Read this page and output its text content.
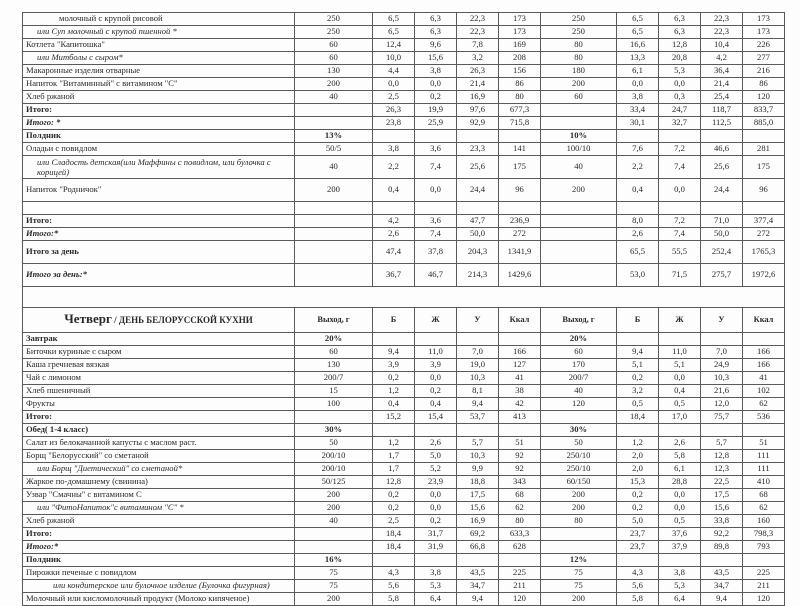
молочный с крупой рисовой	250	6,5	6,3	22,3	173	250	6,5	6,3	22,3	173
или Суп молочный с крупой пшенной *	250	6,5	6,3	22,3	173	250	6,5	6,3	22,3	173
Котлета "Капитошка"	60	12,4	9,6	7,8	169	80	16,6	12,8	10,4	226
или Митболы с сыром*	60	10,0	15,6	3,2	208	80	13,3	20,8	4,2	277
Макаронные изделия отварные	130	4,4	3,8	26,3	156	180	6,1	5,3	36,4	216
Напиток "Витаминный" с витамином "С"	200	0,0	0,0	21,4	86	200	0,0	0,0	21,4	86
Хлеб ржаной	40	2,5	0,2	16,9	80	60	3,8	0,3	25,4	120
Итого:		26,3	19,9	97,6	677,3		33,4	24,7	118,7	833,7
Итого: *		23,8	25,9	92,9	715,8		30,1	32,7	112,5	885,0
Полдник	13%					10%				
Оладьи с повидлом	50/5	3,8	3,6	23,3	141	100/10	7,6	7,2	46,6	281
или Сладость детская(или Маффины с повидлом, или булочка с корицей)	40	2,2	7,4	25,6	175	40	2,2	7,4	25,6	175
Напиток "Родничок"	200	0,4	0,0	24,4	96	200	0,4	0,0	24,4	96

Итого:		4,2	3,6	47,7	236,9		8,0	7,2	71,0	377,4
Итого:*		2,6	7,4	50,0	272		2,6	7,4	50,0	272
Итого за день		47,4	37,8	204,3	1341,9		65,5	55,5	252,4	1765,3
Итого за день:*		36,7	46,7	214,3	1429,6		53,0	71,5	275,7	1972,6

Четверг / ДЕНЬ БЕЛОРУССКОЙ КУХНИ	Выход, г	Б	Ж	У	Ккал	Выход, г	Б	Ж	У	Ккал
Завтрак	20%					20%				
Биточки куриные с сыром	60	9,4	11,0	7,0	166	60	9,4	11,0	7,0	166
Каша гречневая вязкая	130	3,9	3,9	19,0	127	170	5,1	5,1	24,9	166
Чай с лимоном	200/7	0,2	0,0	10,3	41	200/7	0,2	0,0	10,3	41
Хлеб пшеничный	15	1,2	0,2	8,1	38	40	3,2	0,4	21,6	102
Фрукты	100	0,4	0,4	9,4	42	120	0,5	0,5	12,0	62
Итого:		15,2	15,4	53,7	413		18,4	17,0	75,7	536
Обед( 1-4 класс)	30%					30%				
Салат из белокачанной капусты с маслом раст.	50	1,2	2,6	5,7	51	50	1,2	2,6	5,7	51
Борщ "Белорусский" со сметаной	200/10	1,7	5,0	10,3	92	250/10	2,0	5,8	12,8	111
или Борщ "Диетический" со сметаной*	200/10	1,7	5,2	9,9	92	250/10	2,0	6,1	12,3	111
Жаркое по-домашнему (свинина)	50/125	12,8	23,9	18,8	343	60/150	15,3	28,8	22,5	410
Узвар "Смачны" с витамином С	200	0,2	0,0	17,5	68	200	0,2	0,0	17,5	68
или "ФитоНапиток"с витамином "С" *	200	0,2	0,0	15,6	62	200	0,2	0,0	15,6	62
Хлеб ржаной	40	2,5	0,2	16,9	80	80	5,0	0,5	33,8	160
Итого:		18,4	31,7	69,2	633,3		23,7	37,6	92,2	798,3
Итого:*		18,4	31,9	66,8	628		23,7	37,9	89,8	793
Полдник	16%					12%				
Пирожки печеные с повидлом	75	4,3	3,8	43,5	225	75	4,3	3,8	43,5	225
или кондитерское или булочное изделие (Булочка фигурная)	75	5,6	5,3	34,7	211	75	5,6	5,3	34,7	211
Молочный или кисломолочный продукт (Молоко кипяченое)	200	5,8	6,4	9,4	120	200	5,8	6,4	9,4	120
